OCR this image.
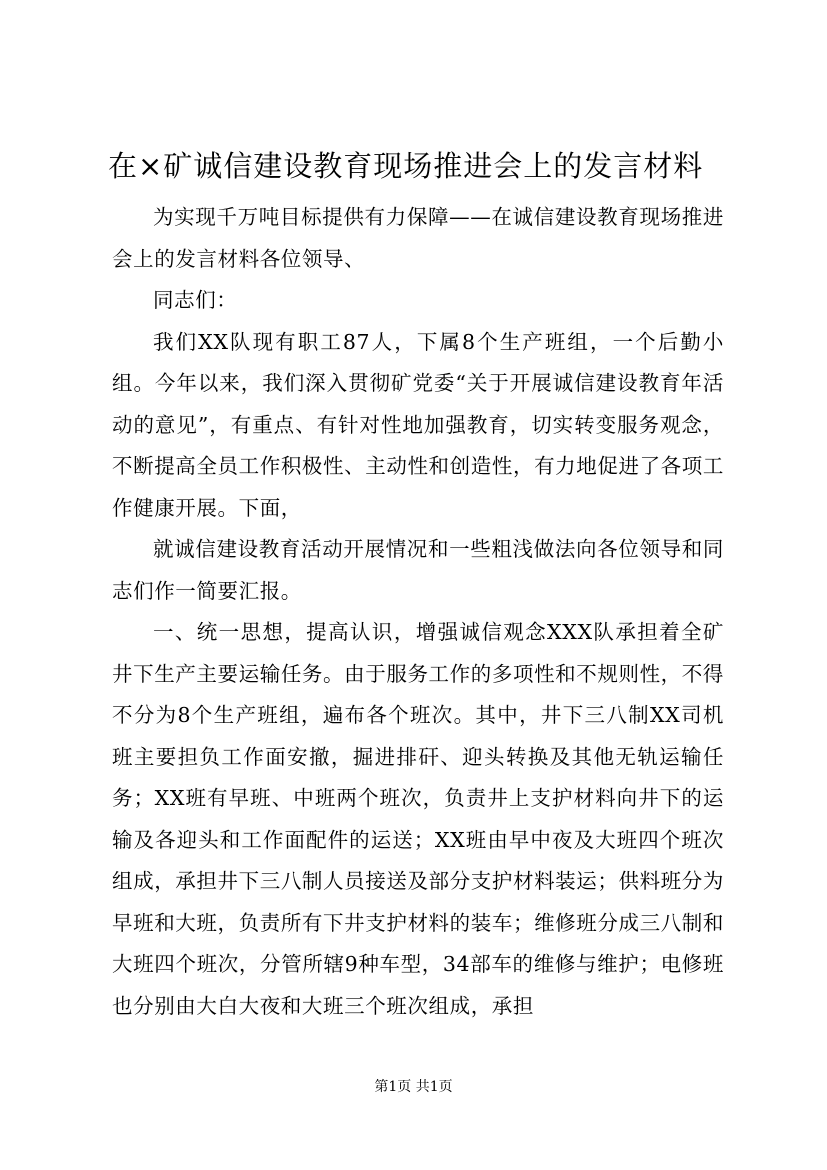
在×矿诚信建设教育现场推进会上的发言材料

为实现千万吨目标提供有力保障——在诚信建设教育现场推进会上的发言材料各位领导、

同志们：

我们XX队现有职工87人，下属8个生产班组，一个后勤小组。今年以来，我们深入贯彻矿党委“关于开展诚信建设教育年活动的意见”，有重点、有针对性地加强教育，切实转变服务观念，不断提高全员工作积极性、主动性和创造性，有力地促进了各项工作健康开展。下面，

就诚信建设教育活动开展情况和一些粗浅做法向各位领导和同志们作一简要汇报。

一、统一思想，提高认识，增强诚信观念XXX队承担着全矿井下生产主要运输任务。由于服务工作的多项性和不规则性，不得不分为8个生产班组，遍布各个班次。其中，井下三八制XX司机班主要担负工作面安撤，掘进排矸、迎头转换及其他无轨运输任务；XX班有早班、中班两个班次，负责井上支护材料向井下的运输及各迎头和工作面配件的运送；XX班由早中夜及大班四个班次组成，承担井下三八制人员接送及部分支护材料装运；供料班分为早班和大班，负责所有下井支护材料的装车；维修班分成三八制和大班四个班次，分管所辖9种车型，34部车的维修与维护；电修班也分别由大白大夜和大班三个班次组成，承担

第1页 共1页
